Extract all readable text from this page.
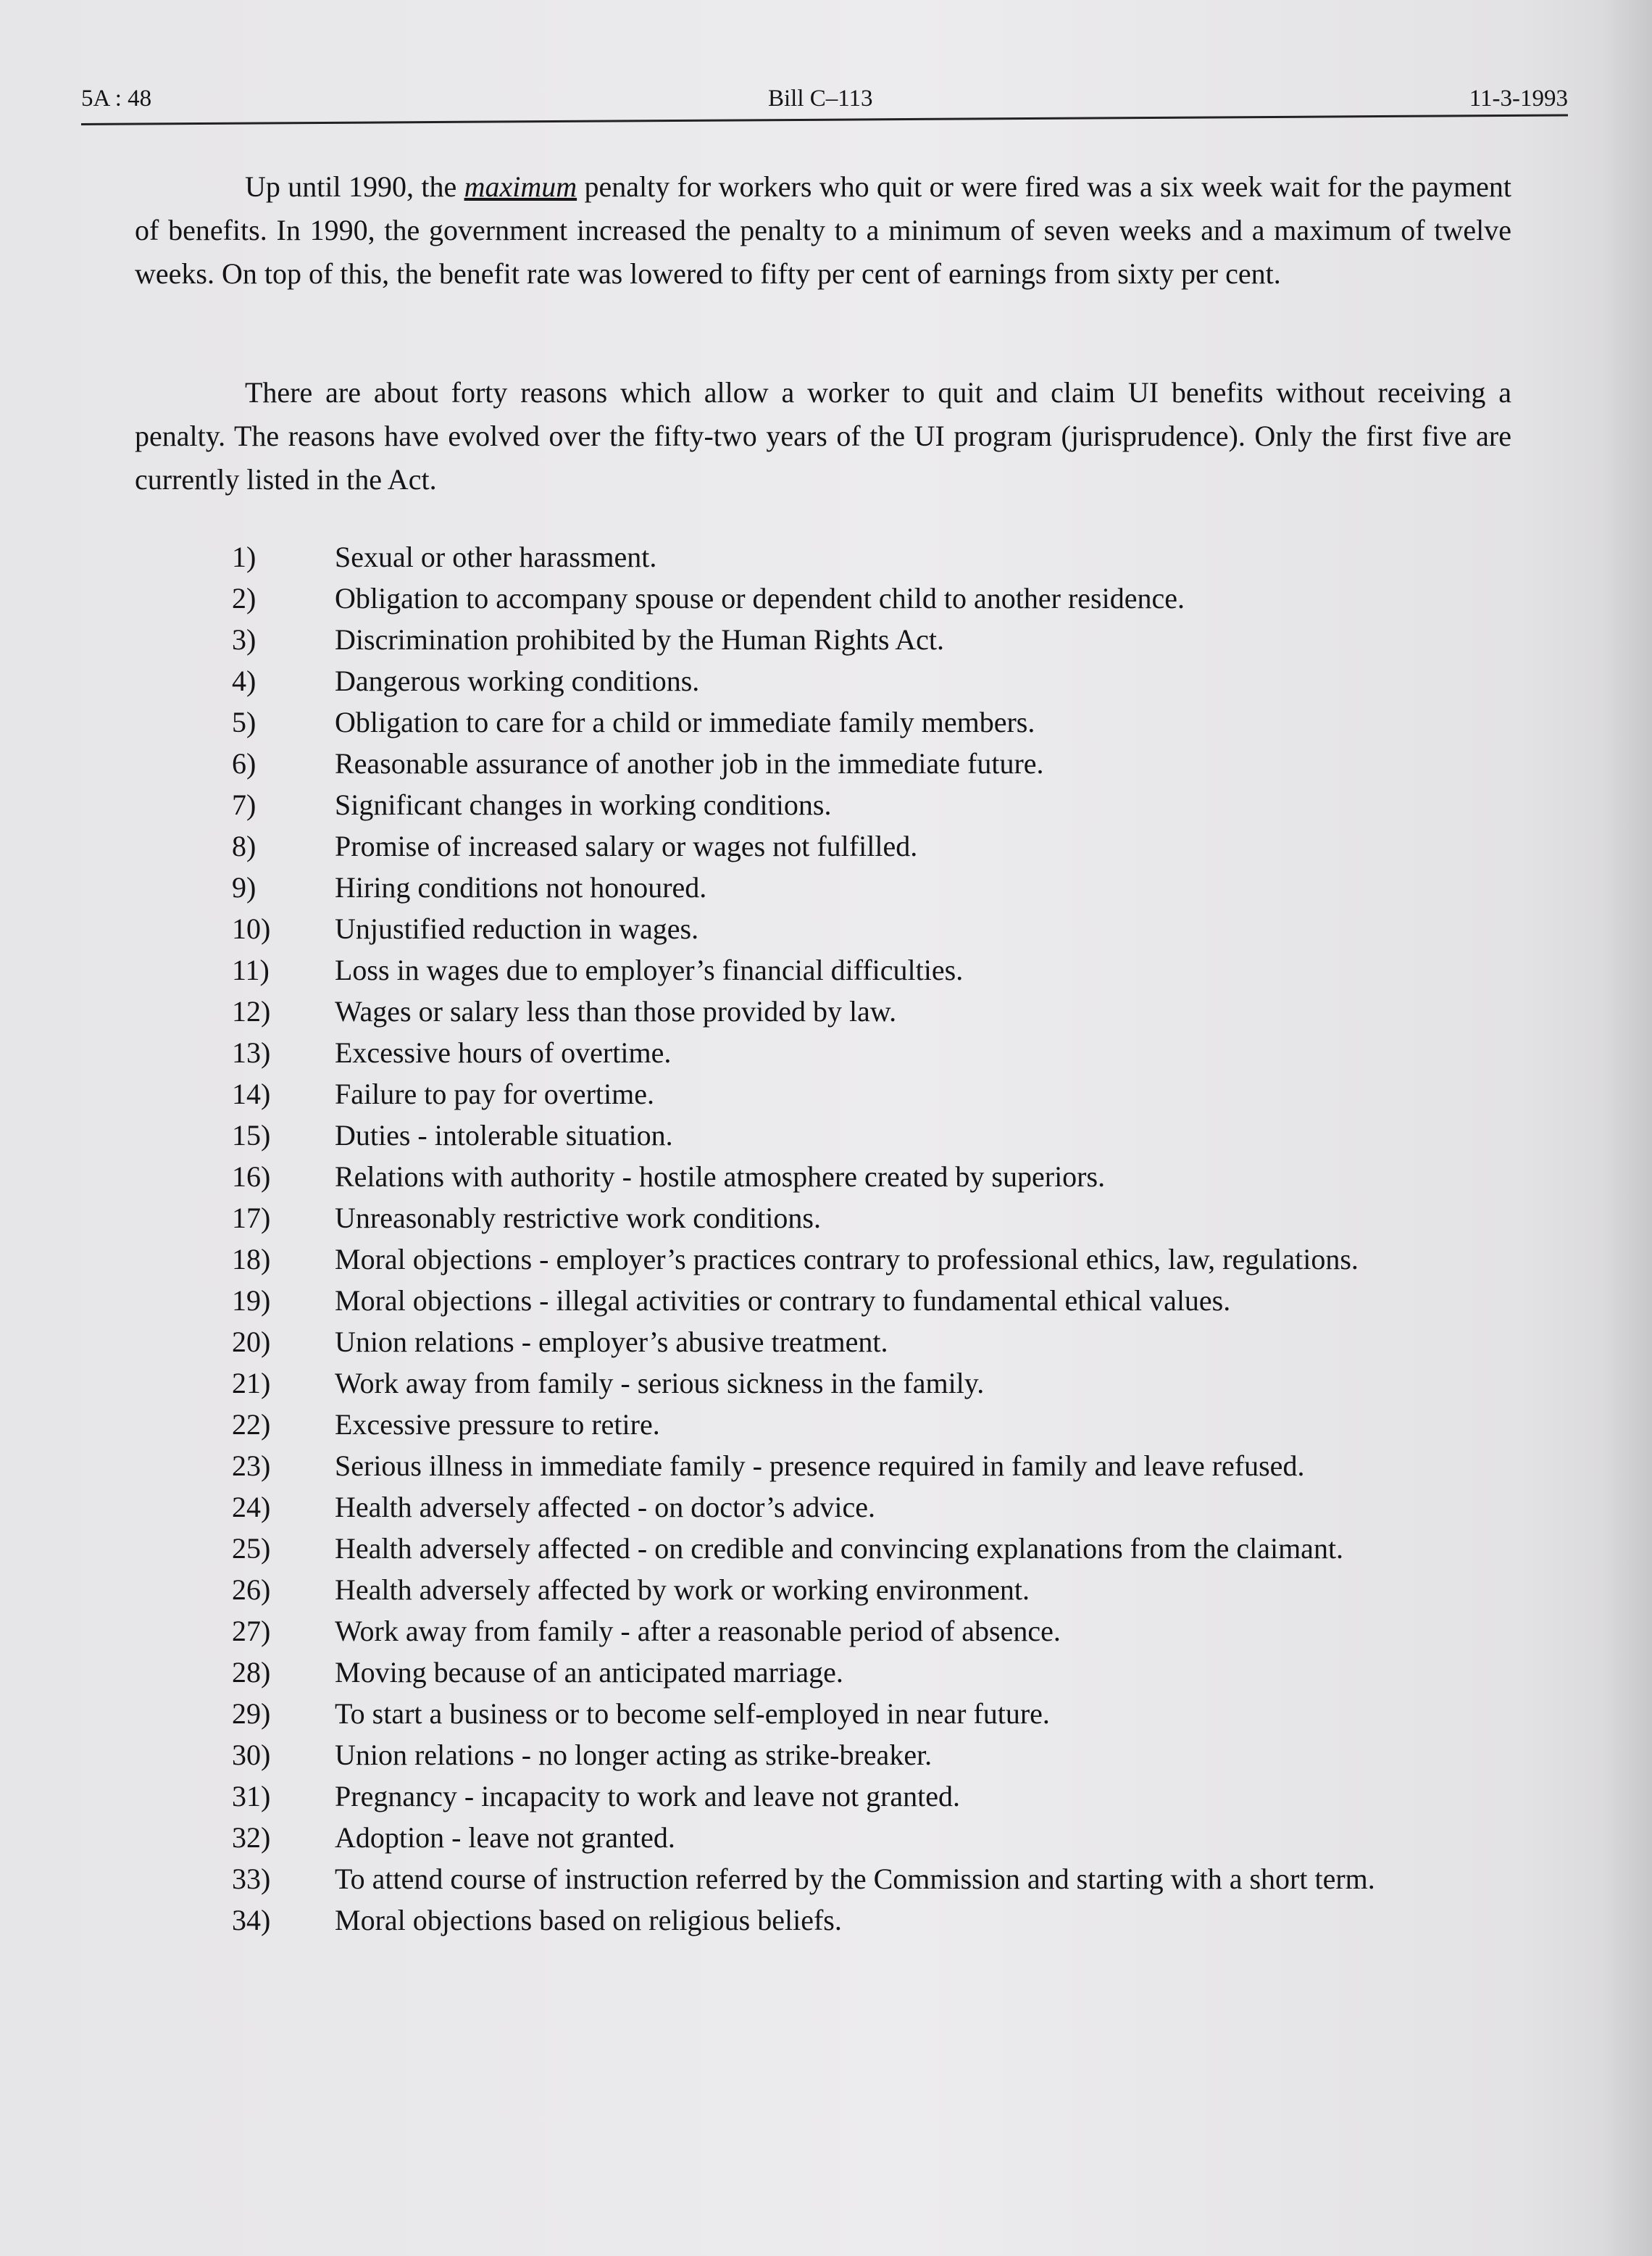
5A : 48	Bill C–113	11-3-1993

Up until 1990, the maximum penalty for workers who quit or were fired was a six week wait for the payment of benefits. In 1990, the government increased the penalty to a minimum of seven weeks and a maximum of twelve weeks. On top of this, the benefit rate was lowered to fifty per cent of earnings from sixty per cent.

There are about forty reasons which allow a worker to quit and claim UI benefits without receiving a penalty. The reasons have evolved over the fifty-two years of the UI program (jurisprudence). Only the first five are currently listed in the Act.

1)	Sexual or other harassment.
2)	Obligation to accompany spouse or dependent child to another residence.
3)	Discrimination prohibited by the Human Rights Act.
4)	Dangerous working conditions.
5)	Obligation to care for a child or immediate family members.
6)	Reasonable assurance of another job in the immediate future.
7)	Significant changes in working conditions.
8)	Promise of increased salary or wages not fulfilled.
9)	Hiring conditions not honoured.
10)	Unjustified reduction in wages.
11)	Loss in wages due to employer’s financial difficulties.
12)	Wages or salary less than those provided by law.
13)	Excessive hours of overtime.
14)	Failure to pay for overtime.
15)	Duties - intolerable situation.
16)	Relations with authority - hostile atmosphere created by superiors.
17)	Unreasonably restrictive work conditions.
18)	Moral objections - employer’s practices contrary to professional ethics, law, regulations.
19)	Moral objections - illegal activities or contrary to fundamental ethical values.
20)	Union relations - employer’s abusive treatment.
21)	Work away from family - serious sickness in the family.
22)	Excessive pressure to retire.
23)	Serious illness in immediate family - presence required in family and leave refused.
24)	Health adversely affected - on doctor’s advice.
25)	Health adversely affected - on credible and convincing explanations from the claimant.
26)	Health adversely affected by work or working environment.
27)	Work away from family - after a reasonable period of absence.
28)	Moving because of an anticipated marriage.
29)	To start a business or to become self-employed in near future.
30)	Union relations - no longer acting as strike-breaker.
31)	Pregnancy - incapacity to work and leave not granted.
32)	Adoption - leave not granted.
33)	To attend course of instruction referred by the Commission and starting with a short term.
34)	Moral objections based on religious beliefs.
